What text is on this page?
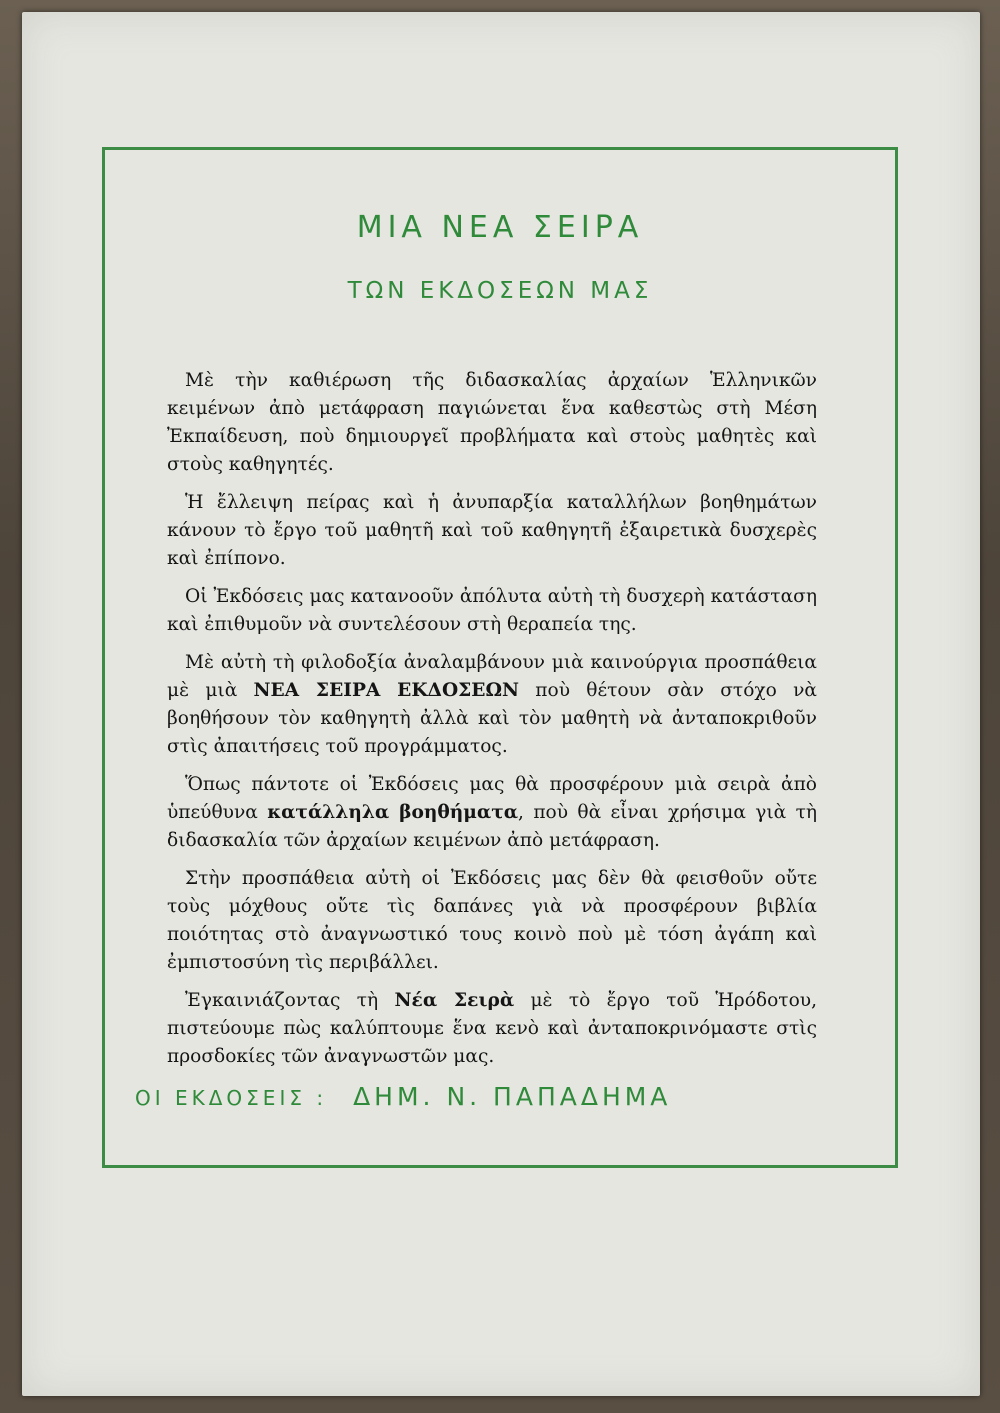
ΜΙΑ ΝΕΑ ΣΕΙΡΑ
ΤΩΝ ΕΚΔΟΣΕΩΝ ΜΑΣ

Μὲ τὴν καθιέρωση τῆς διδασκαλίας ἀρχαίων Ἑλληνικῶν κειμένων ἀπὸ μετάφραση παγιώνεται ἕνα καθεστὼς στὴ Μέση Ἐκπαίδευση, ποὺ δημιουργεῖ προβλήματα καὶ στοὺς μαθητὲς καὶ στοὺς καθηγητές.

Ἡ ἔλλειψη πείρας καὶ ἡ ἀνυπαρξία καταλλήλων βοηθημάτων κάνουν τὸ ἔργο τοῦ μαθητῆ καὶ τοῦ καθηγητῆ ἐξαιρετικὰ δυσχερὲς καὶ ἐπίπονο.

Οἱ Ἐκδόσεις μας κατανοοῦν ἀπόλυτα αὐτὴ τὴ δυσχερὴ κατάσταση καὶ ἐπιθυμοῦν νὰ συντελέσουν στὴ θεραπεία της.

Μὲ αὐτὴ τὴ φιλοδοξία ἀναλαμβάνουν μιὰ καινούργια προσπάθεια μὲ μιὰ ΝΕΑ ΣΕΙΡΑ ΕΚΔΟΣΕΩΝ ποὺ θέτουν σὰν στόχο νὰ βοηθήσουν τὸν καθηγητὴ ἀλλὰ καὶ τὸν μαθητὴ νὰ ἀνταποκριθοῦν στὶς ἀπαιτήσεις τοῦ προγράμματος.

Ὅπως πάντοτε οἱ Ἐκδόσεις μας θὰ προσφέρουν μιὰ σειρὰ ἀπὸ ὑπεύθυνα κατάλληλα βοηθήματα, ποὺ θὰ εἶναι χρήσιμα γιὰ τὴ διδασκαλία τῶν ἀρχαίων κειμένων ἀπὸ μετάφραση.

Στὴν προσπάθεια αὐτὴ οἱ Ἐκδόσεις μας δὲν θὰ φεισθοῦν οὔτε τοὺς μόχθους οὔτε τὶς δαπάνες γιὰ νὰ προσφέρουν βιβλία ποιότητας στὸ ἀναγνωστικό τους κοινὸ ποὺ μὲ τόση ἀγάπη καὶ ἐμπιστοσύνη τὶς περιβάλλει.

Ἐγκαινιάζοντας τὴ Νέα Σειρὰ μὲ τὸ ἔργο τοῦ Ἡρόδοτου, πιστεύουμε πὼς καλύπτουμε ἕνα κενὸ καὶ ἀνταποκρινόμαστε στὶς προσδοκίες τῶν ἀναγνωστῶν μας.

ΟΙ ΕΚΔΟΣΕΙΣ : ΔΗΜ. Ν. ΠΑΠΑΔΗΜΑ
